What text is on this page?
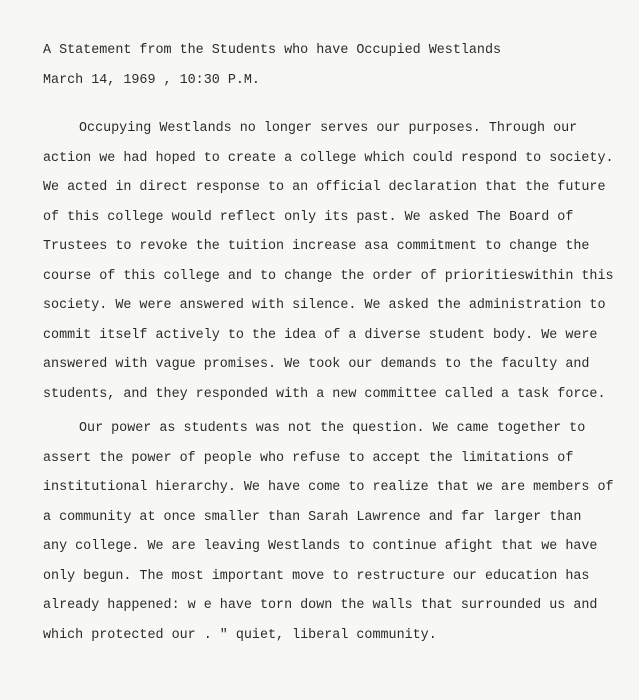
A Statement from the Students who have Occupied Westlands
March 14, 1969 , 10:30 P.M.
Occupying Westlands no longer serves our purposes. Through our
action we had hoped to create a college which could respond to society.
We acted in direct response to an official declaration that the future
of this college would reflect only its past. We asked The Board of
Trustees to revoke the tuition increase asa commitment to change the
course of this college and to change the order of prioritieswithin this
society. We were answered with silence. We asked the administration to
commit itself actively to the idea of a diverse student body. We were
answered with vague promises. We took our demands to the faculty and
students, and they responded with a new committee called a task force.
Our power as students was not the question. We came together to
assert the power of people who refuse to accept the limitations of
institutional hierarchy. We have come to realize that we are members of
a community at once smaller than Sarah Lawrence and far larger than
any college. We are leaving Westlands to continue afight that we have
only begun. The most important move to restructure our education has
already happened: w e have torn down the walls that surrounded us and
which protected our . " quiet, liberal community.
